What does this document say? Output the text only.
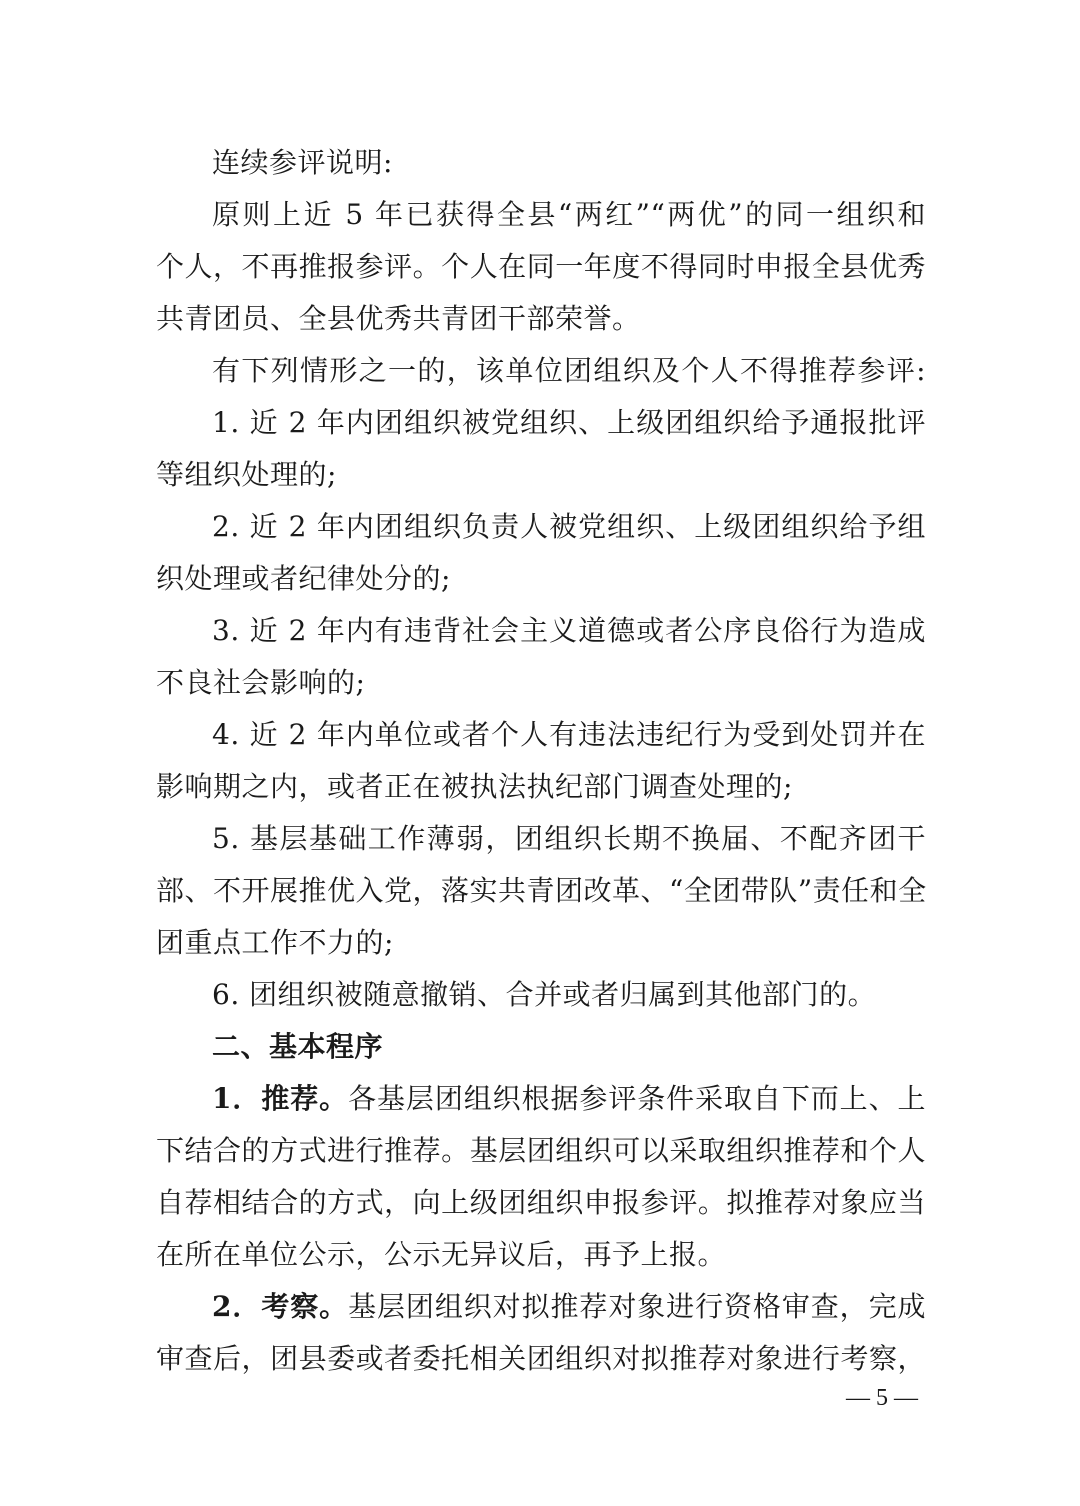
连续参评说明:
原则上近 5 年已获得全县“两红”“两优”的同一组织和
个人，不再推报参评。个人在同一年度不得同时申报全县优秀
共青团员、全县优秀共青团干部荣誉。
有下列情形之一的，该单位团组织及个人不得推荐参评:
1. 近 2 年内团组织被党组织、上级团组织给予通报批评
等组织处理的;
2. 近 2 年内团组织负责人被党组织、上级团组织给予组
织处理或者纪律处分的;
3. 近 2 年内有违背社会主义道德或者公序良俗行为造成
不良社会影响的;
4. 近 2 年内单位或者个人有违法违纪行为受到处罚并在
影响期之内，或者正在被执法执纪部门调查处理的;
5. 基层基础工作薄弱，团组织长期不换届、不配齐团干
部、不开展推优入党，落实共青团改革、“全团带队”责任和全
团重点工作不力的;
6. 团组织被随意撤销、合并或者归属到其他部门的。
二、基本程序
1．推荐。各基层团组织根据参评条件采取自下而上、上
下结合的方式进行推荐。基层团组织可以采取组织推荐和个人
自荐相结合的方式，向上级团组织申报参评。拟推荐对象应当
在所在单位公示，公示无异议后，再予上报。
2．考察。基层团组织对拟推荐对象进行资格审查，完成
审查后，团县委或者委托相关团组织对拟推荐对象进行考察，
— 5 —
